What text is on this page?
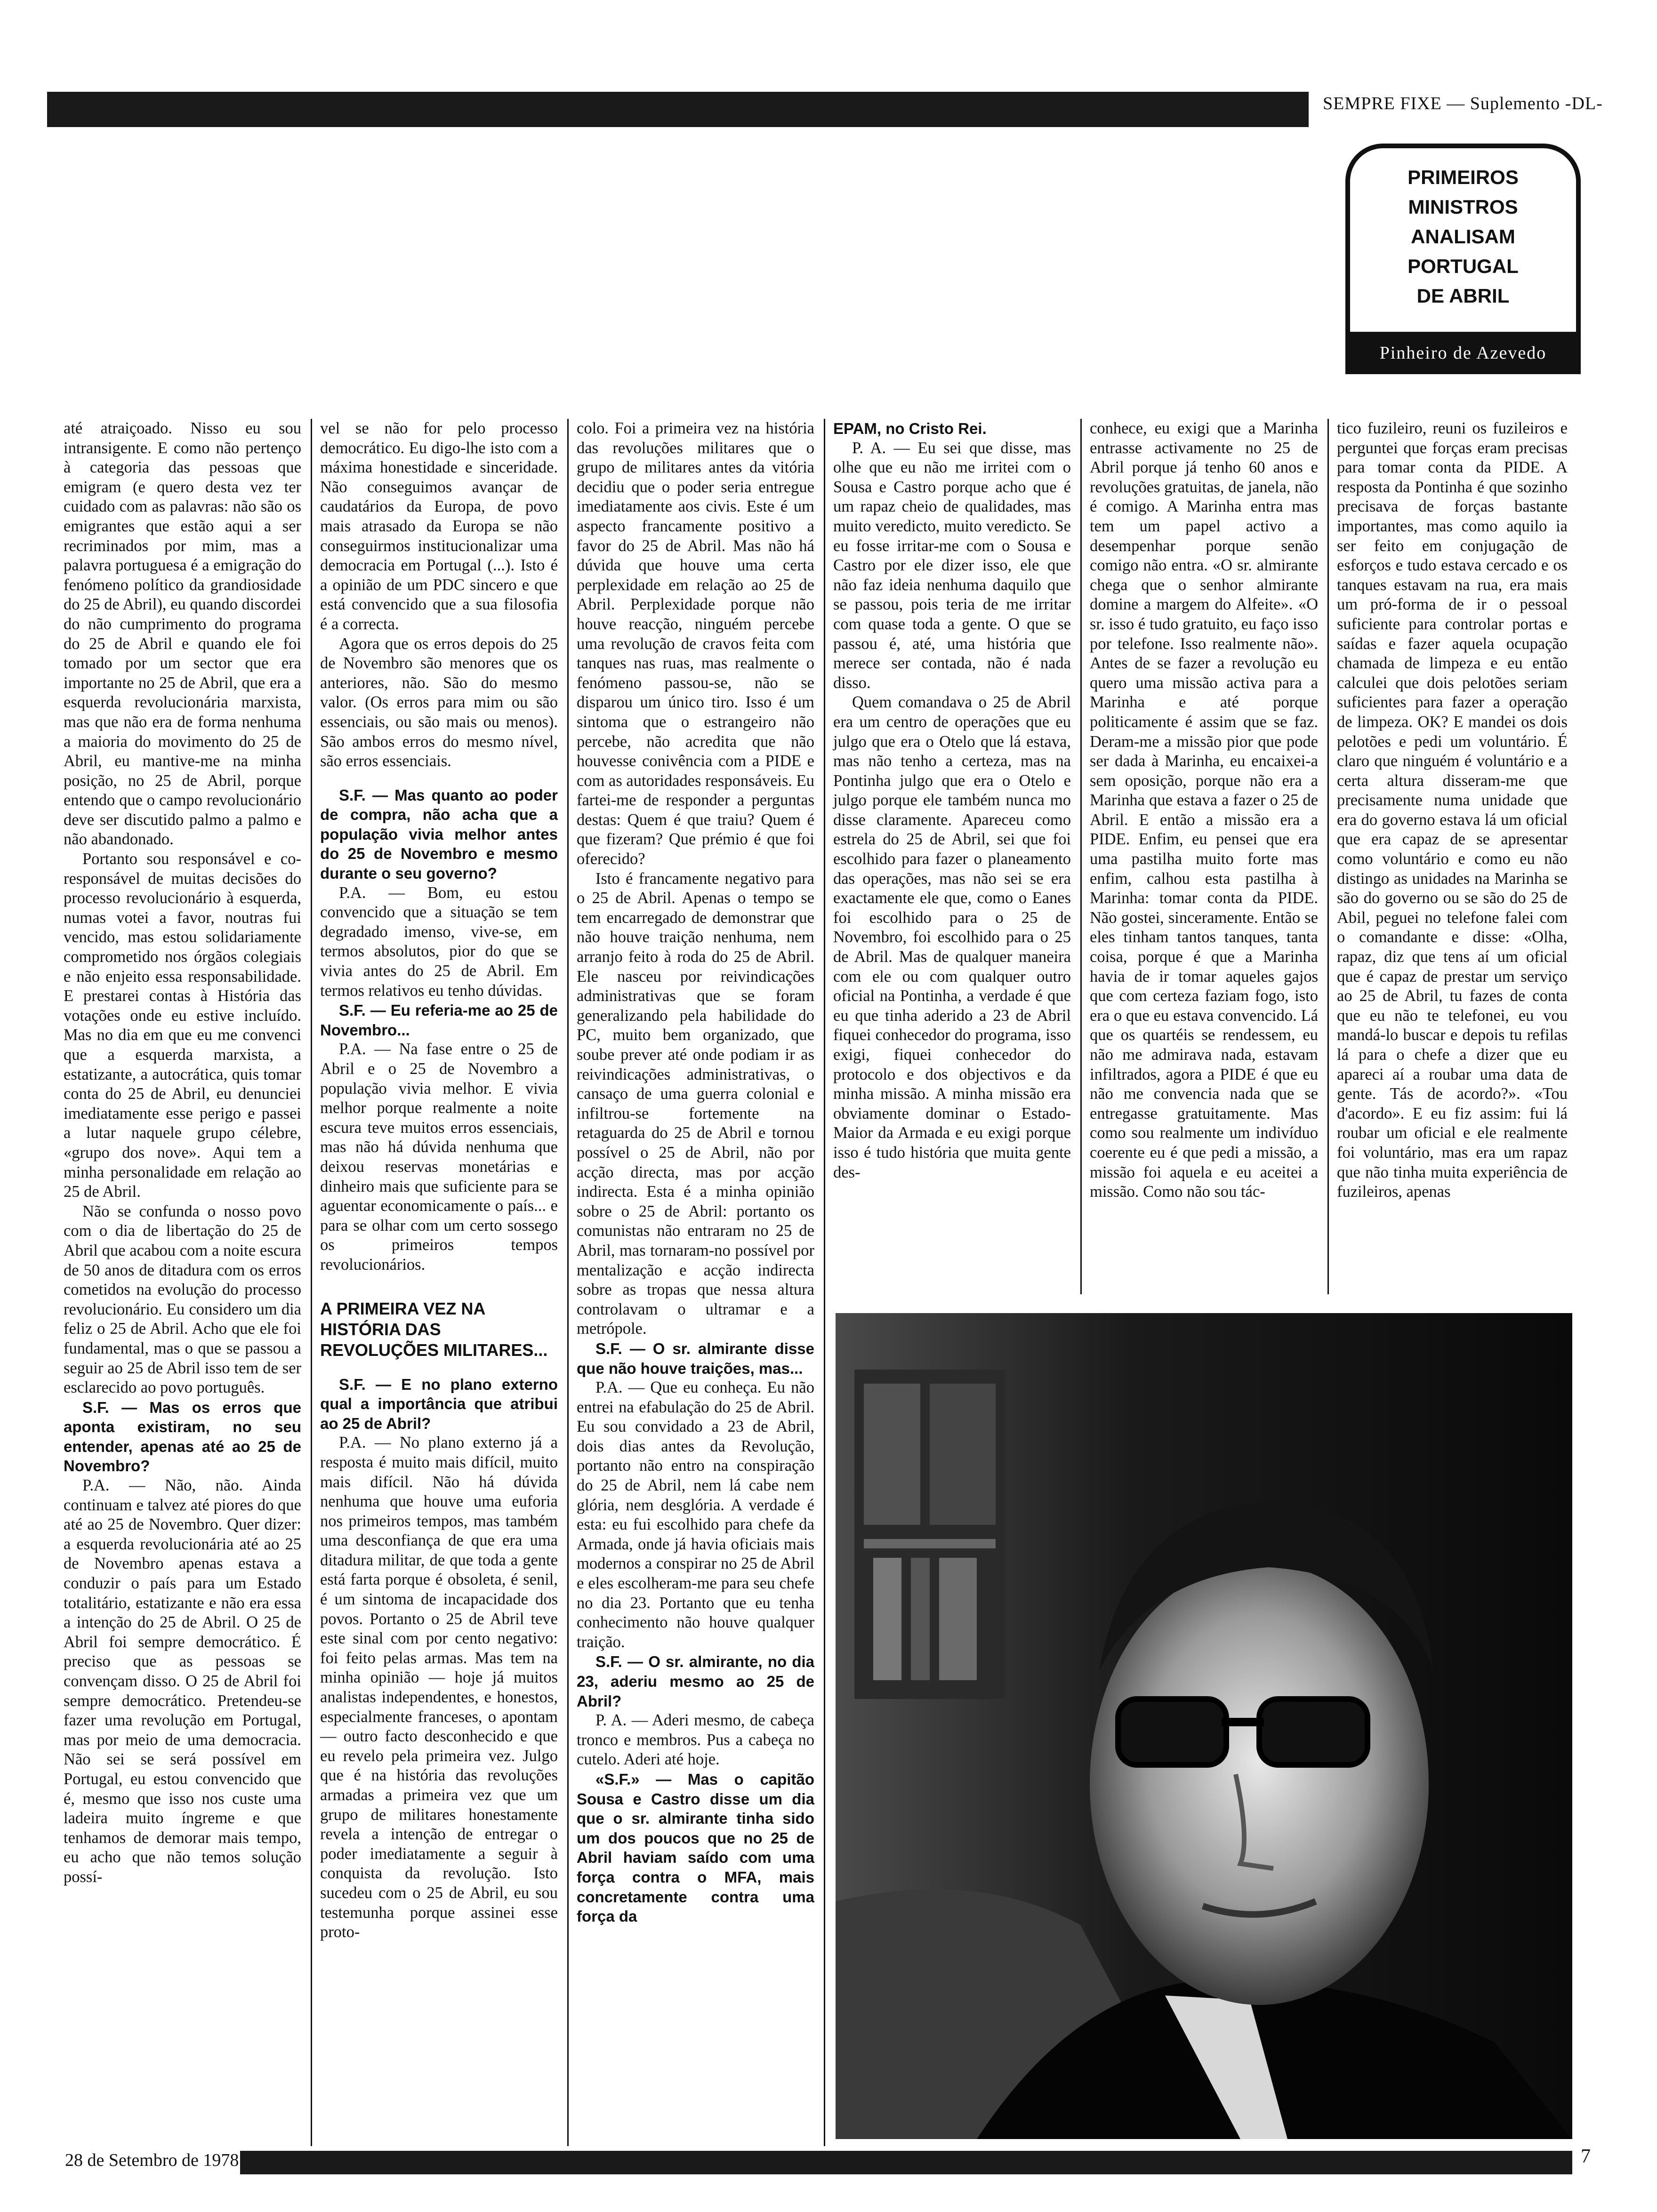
SEMPRE FIXE — Suplemento -DL-
PRIMEIROS
MINISTROS
ANALISAM
PORTUGAL
DE ABRIL
Pinheiro de Azevedo

até atraiçoado. Nisso eu sou intransigente. E como não pertenço à categoria das pessoas que emigram (e quero desta vez ter cuidado com as palavras: não são os emigrantes que estão aqui a ser recriminados por mim, mas a palavra portuguesa é a emigração do fenómeno político da grandiosidade do 25 de Abril), eu quando discordei do não cumprimento do programa do 25 de Abril e quando ele foi tomado por um sector que era importante no 25 de Abril, que era a esquerda revolucionária marxista, mas que não era de forma nenhuma a maioria do movimento do 25 de Abril, eu mantive-me na minha posição, no 25 de Abril, porque entendo que o campo revolucionário deve ser discutido palmo a palmo e não abandonado.

Portanto sou responsável e co-responsável de muitas decisões do processo revolucionário à esquerda, numas votei a favor, noutras fui vencido, mas estou solidariamente comprometido nos órgãos colegiais e não enjeito essa responsabilidade. E prestarei contas à História das votações onde eu estive incluído. Mas no dia em que eu me convenci que a esquerda marxista, a estatizante, a autocrática, quis tomar conta do 25 de Abril, eu denunciei imediatamente esse perigo e passei a lutar naquele grupo célebre, «grupo dos nove». Aqui tem a minha personalidade em relação ao 25 de Abril.

Não se confunda o nosso povo com o dia de libertação do 25 de Abril que acabou com a noite escura de 50 anos de ditadura com os erros cometidos na evolução do processo revolucionário. Eu considero um dia feliz o 25 de Abril. Acho que ele foi fundamental, mas o que se passou a seguir ao 25 de Abril isso tem de ser esclarecido ao povo português.

S.F. — Mas os erros que aponta existiram, no seu entender, apenas até ao 25 de Novembro?

P.A. — Não, não. Ainda continuam e talvez até piores do que até ao 25 de Novembro. Quer dizer: a esquerda revolucionária até ao 25 de Novembro apenas estava a conduzir o país para um Estado totalitário, estatizante e não era essa a intenção do 25 de Abril. O 25 de Abril foi sempre democrático. É preciso que as pessoas se convençam disso. O 25 de Abril foi sempre democrático. Pretendeu-se fazer uma revolução em Portugal, mas por meio de uma democracia. Não sei se será possível em Portugal, eu estou convencido que é, mesmo que isso nos custe uma ladeira muito íngreme e que tenhamos de demorar mais tempo, eu acho que não temos solução possí-

vel se não for pelo processo democrático. Eu digo-lhe isto com a máxima honestidade e sinceridade. Não conseguimos avançar de caudatários da Europa, de povo mais atrasado da Europa se não conseguirmos institucionalizar uma democracia em Portugal (...). Isto é a opinião de um PDC sincero e que está convencido que a sua filosofia é a correcta.

Agora que os erros depois do 25 de Novembro são menores que os anteriores, não. São do mesmo valor. (Os erros para mim ou são essenciais, ou são mais ou menos). São ambos erros do mesmo nível, são erros essenciais.

S.F. — Mas quanto ao poder de compra, não acha que a população vivia melhor antes do 25 de Novembro e mesmo durante o seu governo?

P.A. — Bom, eu estou convencido que a situação se tem degradado imenso, vive-se, em termos absolutos, pior do que se vivia antes do 25 de Abril. Em termos relativos eu tenho dúvidas.

S.F. — Eu referia-me ao 25 de Novembro...

P.A. — Na fase entre o 25 de Abril e o 25 de Novembro a população vivia melhor. E vivia melhor porque realmente a noite escura teve muitos erros essenciais, mas não há dúvida nenhuma que deixou reservas monetárias e dinheiro mais que suficiente para se aguentar economicamente o país... e para se olhar com um certo sossego os primeiros tempos revolucionários.

A PRIMEIRA VEZ NA HISTÓRIA DAS REVOLUÇÕES MILITARES...

S.F. — E no plano externo qual a importância que atribui ao 25 de Abril?

P.A. — No plano externo já a resposta é muito mais difícil, muito mais difícil. Não há dúvida nenhuma que houve uma euforia nos primeiros tempos, mas também uma desconfiança de que era uma ditadura militar, de que toda a gente está farta porque é obsoleta, é senil, é um sintoma de incapacidade dos povos. Portanto o 25 de Abril teve este sinal com por cento negativo: foi feito pelas armas. Mas tem na minha opinião — hoje já muitos analistas independentes, e honestos, especialmente franceses, o apontam — outro facto desconhecido e que eu revelo pela primeira vez. Julgo que é na história das revoluções armadas a primeira vez que um grupo de militares honestamente revela a intenção de entregar o poder imediatamente a seguir à conquista da revolução. Isto sucedeu com o 25 de Abril, eu sou testemunha porque assinei esse proto-

colo. Foi a primeira vez na história das revoluções militares que o grupo de militares antes da vitória decidiu que o poder seria entregue imediatamente aos civis. Este é um aspecto francamente positivo a favor do 25 de Abril. Mas não há dúvida que houve uma certa perplexidade em relação ao 25 de Abril. Perplexidade porque não houve reacção, ninguém percebe uma revolução de cravos feita com tanques nas ruas, mas realmente o fenómeno passou-se, não se disparou um único tiro. Isso é um sintoma que o estrangeiro não percebe, não acredita que não houvesse conivência com a PIDE e com as autoridades responsáveis. Eu fartei-me de responder a perguntas destas: Quem é que traiu? Quem é que fizeram? Que prémio é que foi oferecido?

Isto é francamente negativo para o 25 de Abril. Apenas o tempo se tem encarregado de demonstrar que não houve traição nenhuma, nem arranjo feito à roda do 25 de Abril. Ele nasceu por reivindicações administrativas que se foram generalizando pela habilidade do PC, muito bem organizado, que soube prever até onde podiam ir as reivindicações administrativas, o cansaço de uma guerra colonial e infiltrou-se fortemente na retaguarda do 25 de Abril e tornou possível o 25 de Abril, não por acção directa, mas por acção indirecta. Esta é a minha opinião sobre o 25 de Abril: portanto os comunistas não entraram no 25 de Abril, mas tornaram-no possível por mentalização e acção indirecta sobre as tropas que nessa altura controlavam o ultramar e a metrópole.

S.F. — O sr. almirante disse que não houve traições, mas...

P.A. — Que eu conheça. Eu não entrei na efabulação do 25 de Abril. Eu sou convidado a 23 de Abril, dois dias antes da Revolução, portanto não entro na conspiração do 25 de Abril, nem lá cabe nem glória, nem desglória. A verdade é esta: eu fui escolhido para chefe da Armada, onde já havia oficiais mais modernos a conspirar no 25 de Abril e eles escolheram-me para seu chefe no dia 23. Portanto que eu tenha conhecimento não houve qualquer traição.

S.F. — O sr. almirante, no dia 23, aderiu mesmo ao 25 de Abril?

P. A. — Aderi mesmo, de cabeça tronco e membros. Pus a cabeça no cutelo. Aderi até hoje.

«S.F.» — Mas o capitão Sousa e Castro disse um dia que o sr. almirante tinha sido um dos poucos que no 25 de Abril haviam saído com uma força contra o MFA, mais concretamente contra uma força da

EPAM, no Cristo Rei.

P. A. — Eu sei que disse, mas olhe que eu não me irritei com o Sousa e Castro porque acho que é um rapaz cheio de qualidades, mas muito veredicto, muito veredicto. Se eu fosse irritar-me com o Sousa e Castro por ele dizer isso, ele que não faz ideia nenhuma daquilo que se passou, pois teria de me irritar com quase toda a gente. O que se passou é, até, uma história que merece ser contada, não é nada disso.

Quem comandava o 25 de Abril era um centro de operações que eu julgo que era o Otelo que lá estava, mas não tenho a certeza, mas na Pontinha julgo que era o Otelo e julgo porque ele também nunca mo disse claramente. Apareceu como estrela do 25 de Abril, sei que foi escolhido para fazer o planeamento das operações, mas não sei se era exactamente ele que, como o Eanes foi escolhido para o 25 de Novembro, foi escolhido para o 25 de Abril. Mas de qualquer maneira com ele ou com qualquer outro oficial na Pontinha, a verdade é que eu que tinha aderido a 23 de Abril fiquei conhecedor do programa, isso exigi, fiquei conhecedor do protocolo e dos objectivos e da minha missão. A minha missão era obviamente dominar o Estado-Maior da Armada e eu exigi porque isso é tudo história que muita gente des-

conhece, eu exigi que a Marinha entrasse activamente no 25 de Abril porque já tenho 60 anos e revoluções gratuitas, de janela, não é comigo. A Marinha entra mas tem um papel activo a desempenhar porque senão comigo não entra. «O sr. almirante chega que o senhor almirante domine a margem do Alfeite». «O sr. isso é tudo gratuito, eu faço isso por telefone. Isso realmente não». Antes de se fazer a revolução eu quero uma missão activa para a Marinha e até porque politicamente é assim que se faz. Deram-me a missão pior que pode ser dada à Marinha, eu encaixei-a sem oposição, porque não era a Marinha que estava a fazer o 25 de Abril. E então a missão era a PIDE. Enfim, eu pensei que era uma pastilha muito forte mas enfim, calhou esta pastilha à Marinha: tomar conta da PIDE. Não gostei, sinceramente. Então se eles tinham tantos tanques, tanta coisa, porque é que a Marinha havia de ir tomar aqueles gajos que com certeza faziam fogo, isto era o que eu estava convencido. Lá que os quartéis se rendessem, eu não me admirava nada, estavam infiltrados, agora a PIDE é que eu não me convencia nada que se entregasse gratuitamente. Mas como sou realmente um indivíduo coerente eu é que pedi a missão, a missão foi aquela e eu aceitei a missão. Como não sou tác-

tico fuzileiro, reuni os fuzileiros e perguntei que forças eram precisas para tomar conta da PIDE. A resposta da Pontinha é que sozinho precisava de forças bastante importantes, mas como aquilo ia ser feito em conjugação de esforços e tudo estava cercado e os tanques estavam na rua, era mais um pró-forma de ir o pessoal suficiente para controlar portas e saídas e fazer aquela ocupação chamada de limpeza e eu então calculei que dois pelotões seriam suficientes para fazer a operação de limpeza. OK? E mandei os dois pelotões e pedi um voluntário. É claro que ninguém é voluntário e a certa altura disseram-me que precisamente numa unidade que era do governo estava lá um oficial que era capaz de se apresentar como voluntário e como eu não distingo as unidades na Marinha se são do governo ou se são do 25 de Abil, peguei no telefone falei com o comandante e disse: «Olha, rapaz, diz que tens aí um oficial que é capaz de prestar um serviço ao 25 de Abril, tu fazes de conta que eu não te telefonei, eu vou mandá-lo buscar e depois tu refilas lá para o chefe a dizer que eu apareci aí a roubar uma data de gente. Tás de acordo?». «Tou d'acordo». E eu fiz assim: fui lá roubar um oficial e ele realmente foi voluntário, mas era um rapaz que não tinha muita experiência de fuzileiros, apenas

28 de Setembro de 1978	7
